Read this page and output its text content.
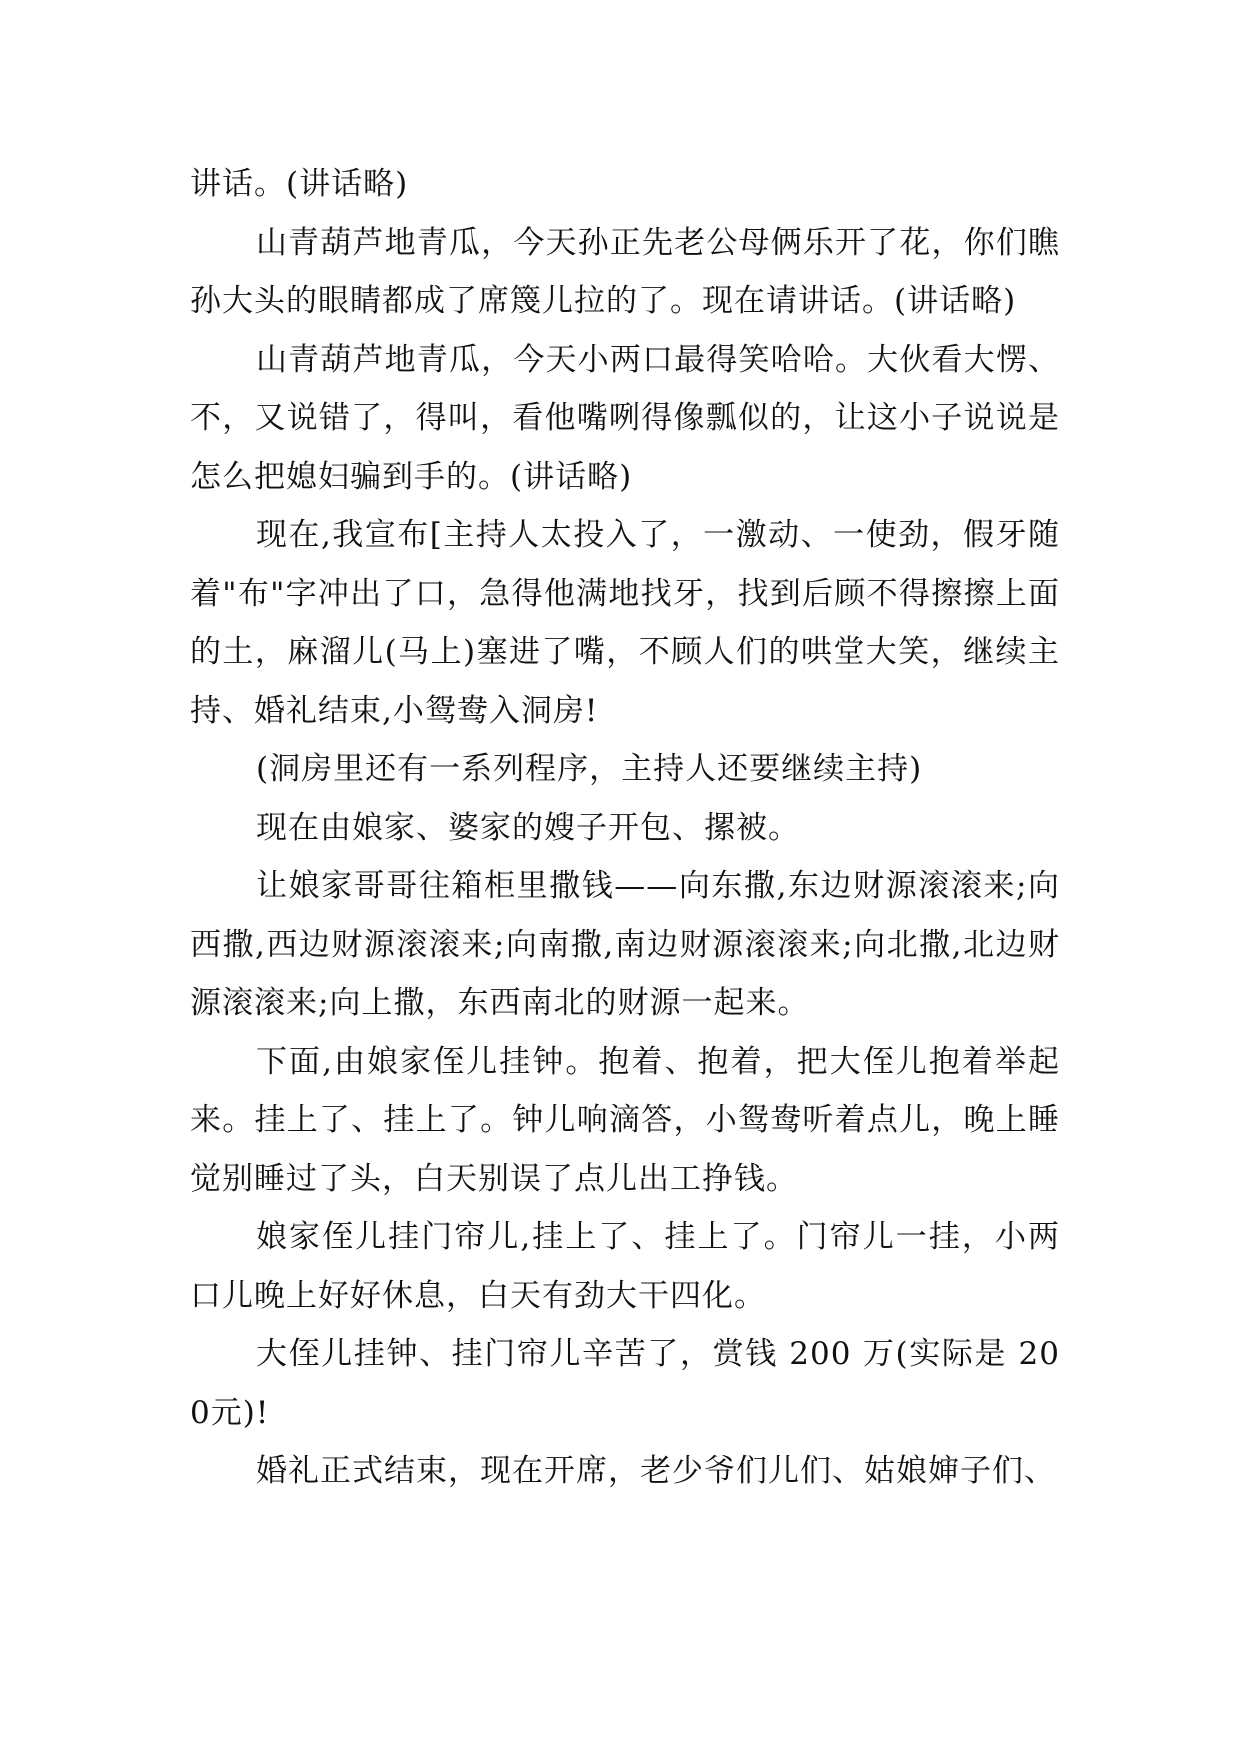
讲话。(讲话略)

山青葫芦地青瓜，今天孙正先老公母俩乐开了花，你们瞧孙大头的眼睛都成了席篾儿拉的了。现在请讲话。(讲话略)

山青葫芦地青瓜，今天小两口最得笑哈哈。大伙看大愣、不，又说错了，得叫，看他嘴咧得像瓢似的，让这小子说说是怎么把媳妇骗到手的。(讲话略)

现在,我宣布[主持人太投入了，一激动、一使劲，假牙随着"布"字冲出了口，急得他满地找牙，找到后顾不得擦擦上面的土，麻溜儿(马上)塞进了嘴，不顾人们的哄堂大笑，继续主持、婚礼结束,小鸳鸯入洞房!

(洞房里还有一系列程序，主持人还要继续主持)

现在由娘家、婆家的嫂子开包、摞被。

让娘家哥哥往箱柜里撒钱——向东撒,东边财源滚滚来;向西撒,西边财源滚滚来;向南撒,南边财源滚滚来;向北撒,北边财源滚滚来;向上撒，东西南北的财源一起来。

下面,由娘家侄儿挂钟。抱着、抱着，把大侄儿抱着举起来。挂上了、挂上了。钟儿响滴答，小鸳鸯听着点儿，晚上睡觉别睡过了头，白天别误了点儿出工挣钱。

娘家侄儿挂门帘儿,挂上了、挂上了。门帘儿一挂，小两口儿晚上好好休息，白天有劲大干四化。

大侄儿挂钟、挂门帘儿辛苦了，赏钱 200 万(实际是 200元)!

婚礼正式结束，现在开席，老少爷们儿们、姑娘婶子们、
